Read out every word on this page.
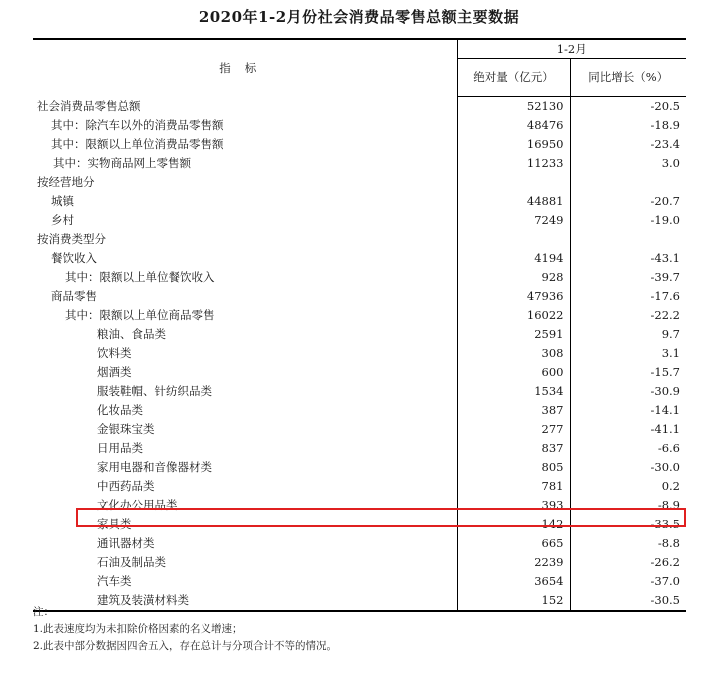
2020年1-2月份社会消费品零售总额主要数据
指标	1-2月	
	绝对量（亿元）	同比增长（%）
社会消费品零售总额	52130	-20.5
其中：除汽车以外的消费品零售额	48476	-18.9
其中：限额以上单位消费品零售额	16950	-23.4
其中：实物商品网上零售额	11233	3.0
按经营地分		
城镇	44881	-20.7
乡村	7249	-19.0
按消费类型分		
餐饮收入	4194	-43.1
其中：限额以上单位餐饮收入	928	-39.7
商品零售	47936	-17.6
其中：限额以上单位商品零售	16022	-22.2
粮油、食品类	2591	9.7
饮料类	308	3.1
烟酒类	600	-15.7
服装鞋帽、针纺织品类	1534	-30.9
化妆品类	387	-14.1
金银珠宝类	277	-41.1
日用品类	837	-6.6
家用电器和音像器材类	805	-30.0
中西药品类	781	0.2
文化办公用品类	393	-8.9
家具类	142	-33.5
通讯器材类	665	-8.8
石油及制品类	2239	-26.2
汽车类	3654	-37.0
建筑及装潢材料类	152	-30.5
注：
1.此表速度均为未扣除价格因素的名义增速；
2.此表中部分数据因四舍五入，存在总计与分项合计不等的情况。
